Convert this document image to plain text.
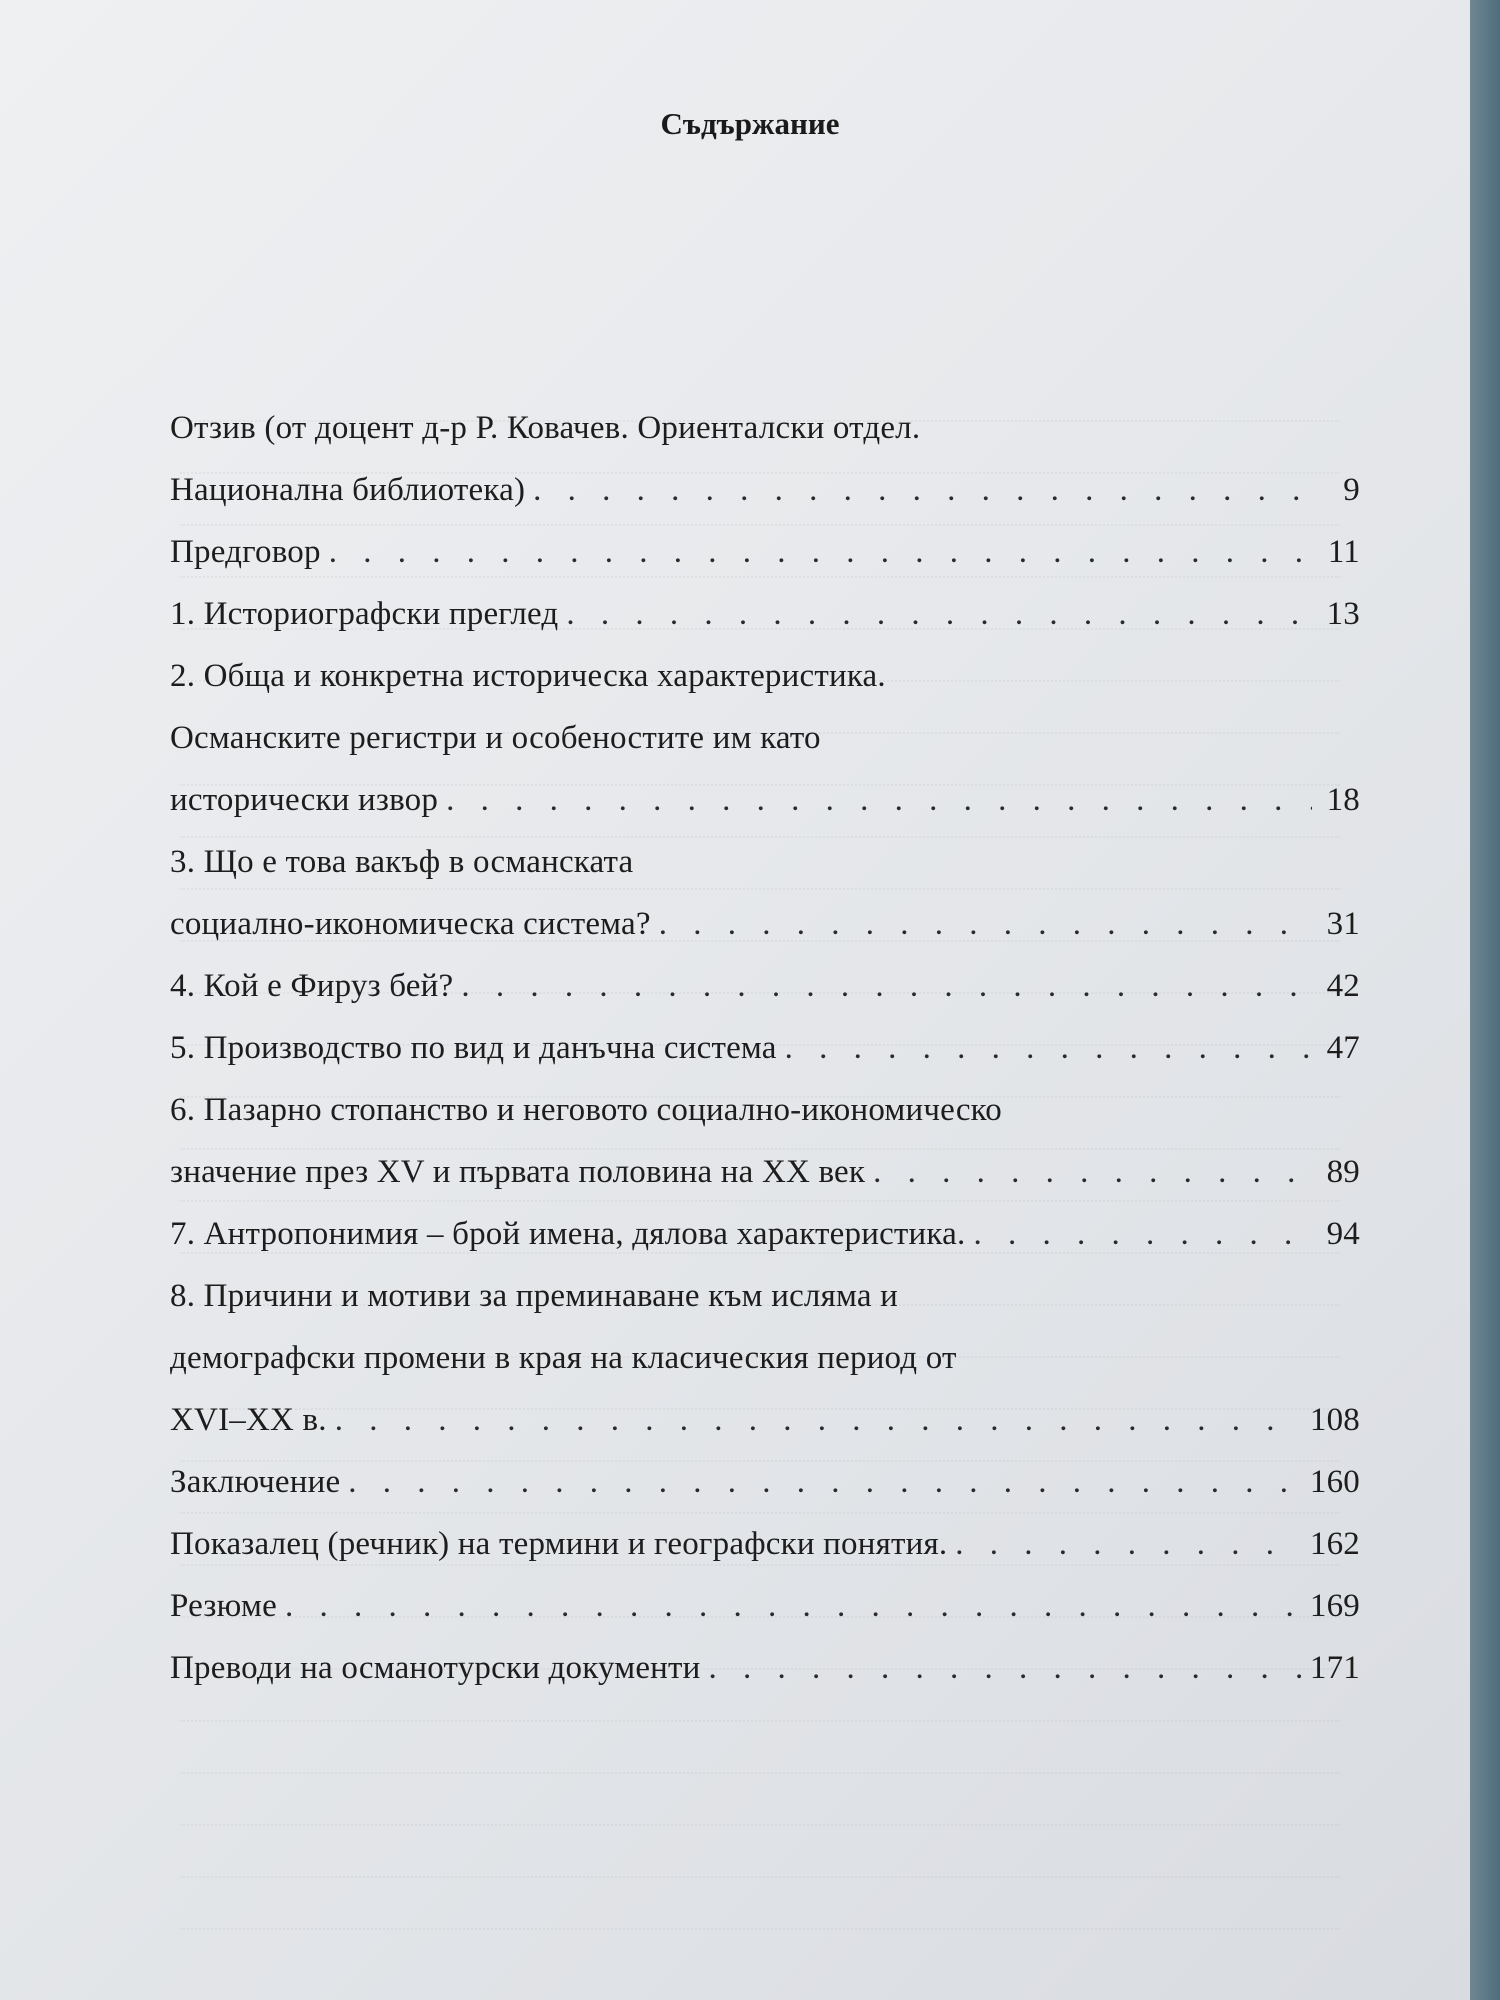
Съдържание
Отзив (от доцент д-р Р. Ковачев. Ориенталски отдел.
Национална библиотека) . . .	9
Предговор . . .	11
1. Историографски преглед . . .	13
2. Обща и конкретна историческа характеристика.
Османските регистри и особеностите им като
исторически извор . . .	18
3. Що е това вакъф в османската
социално-икономическа система? . . .	31
4. Кой е Фируз бей? . . .	42
5. Производство по вид и данъчна система . . .	47
6. Пазарно стопанство и неговото социално-икономическо
значение през XV и първата половина на XX век . . .	89
7. Антропонимия – брой имена, дялова характеристика. . . .	94
8. Причини и мотиви за преминаване към исляма и
демографски промени в края на класическия период от
XVI–XX в. . . .	108
Заключение . . .	160
Показалец (речник) на термини и географски понятия. . . .	162
Резюме . . .	169
Преводи на османотурски документи . . .	171
